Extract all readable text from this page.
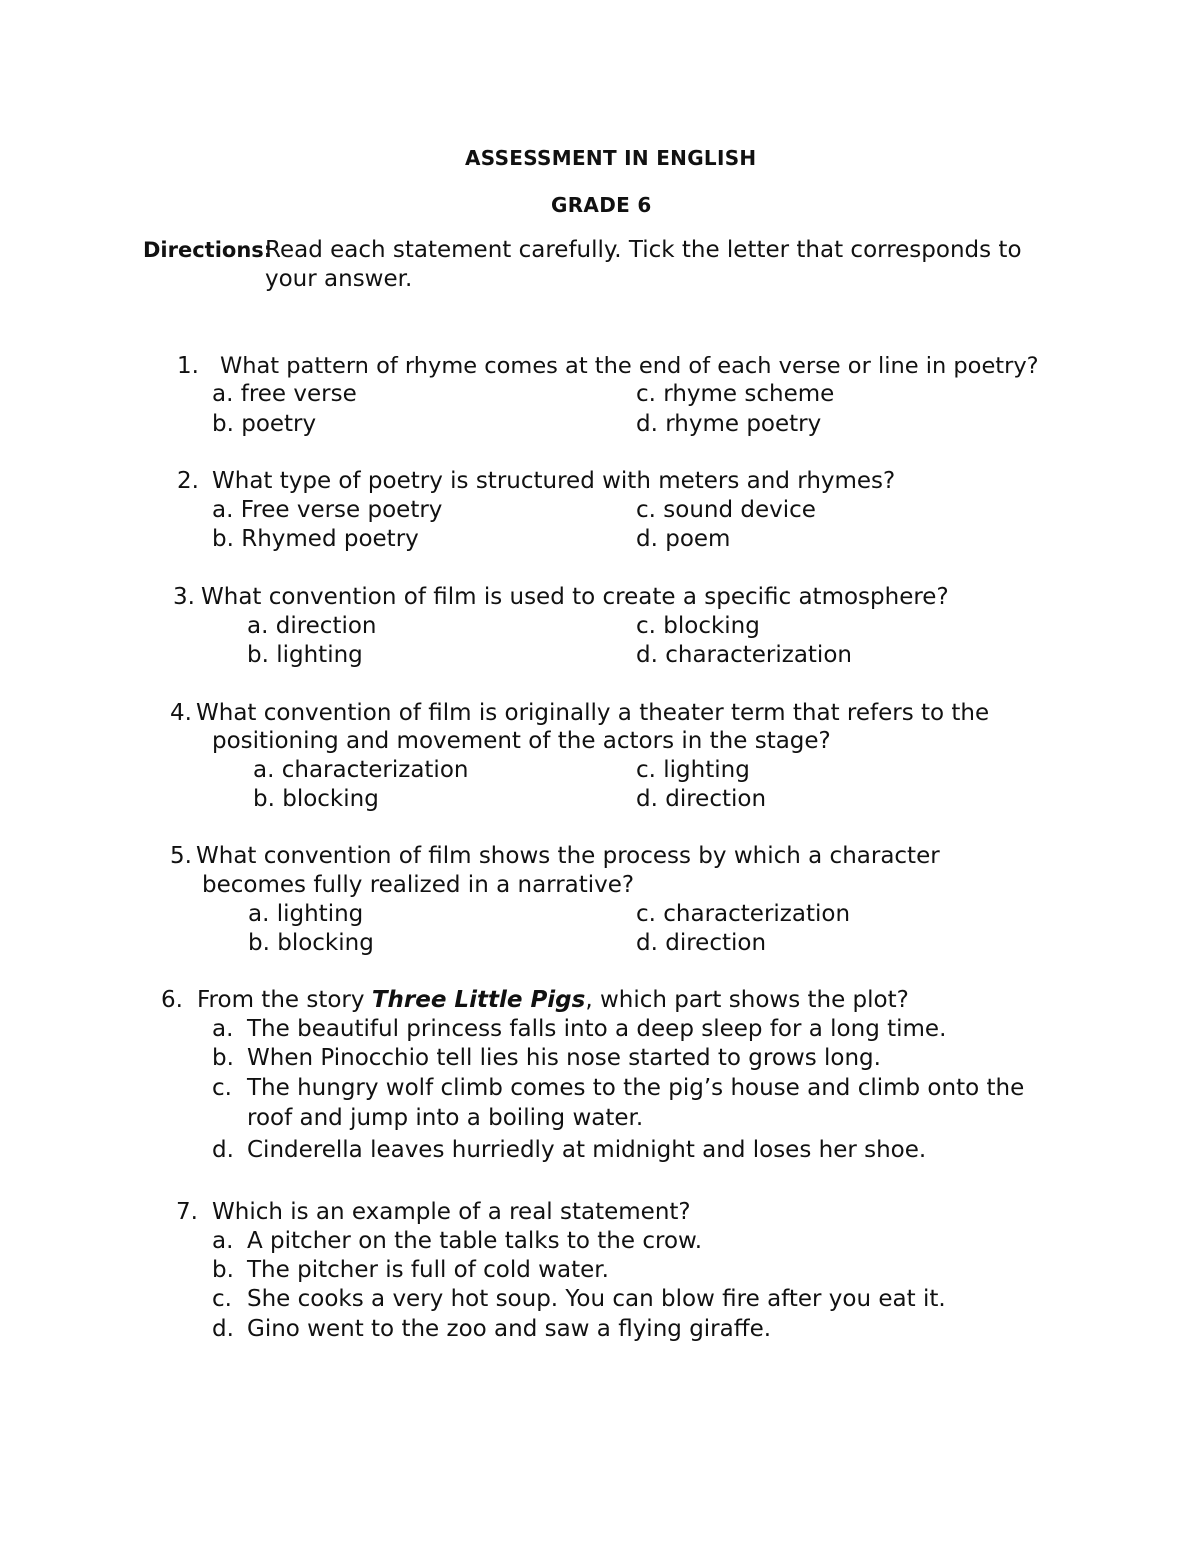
ASSESSMENT IN ENGLISH
GRADE 6
Directions:
Read each statement carefully. Tick the letter that corresponds to
your answer.
1. What pattern of rhyme comes at the end of each verse or line in poetry?
a. free verse
b. poetry
c. rhyme scheme
d. rhyme poetry
2. What type of poetry is structured with meters and rhymes?
a. Free verse poetry
b. Rhymed poetry
c. sound device
d. poem
3. What convention of film is used to create a specific atmosphere?
a. direction
b. lighting
c. blocking
d. characterization
4. What convention of film is originally a theater term that refers to the
positioning and movement of the actors in the stage?
a. characterization
b. blocking
c. lighting
d. direction
5. What convention of film shows the process by which a character
becomes fully realized in a narrative?
a. lighting
b. blocking
c. characterization
d. direction
6. From the story Three Little Pigs, which part shows the plot?
a. The beautiful princess falls into a deep sleep for a long time.
b. When Pinocchio tell lies his nose started to grows long.
c. The hungry wolf climb comes to the pig’s house and climb onto the
roof and jump into a boiling water.
d. Cinderella leaves hurriedly at midnight and loses her shoe.
7. Which is an example of a real statement?
a. A pitcher on the table talks to the crow.
b. The pitcher is full of cold water.
c. She cooks a very hot soup. You can blow fire after you eat it.
d. Gino went to the zoo and saw a flying giraffe.
